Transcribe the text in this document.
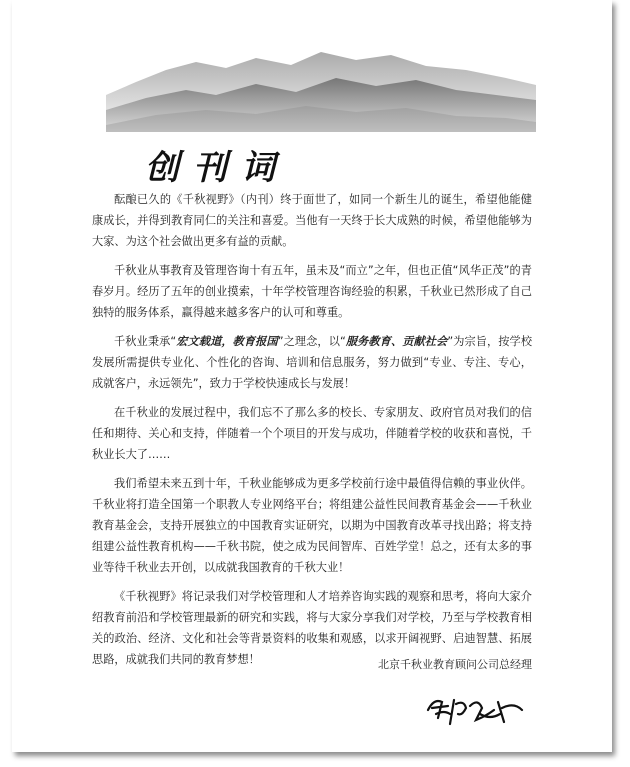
创刊词

酝酿已久的《千秋视野》（内刊）终于面世了，如同一个新生儿的诞生，希望他能健康成长，并得到教育同仁的关注和喜爱。当他有一天终于长大成熟的时候，希望他能够为大家、为这个社会做出更多有益的贡献。

千秋业从事教育及管理咨询十有五年，虽未及“而立”之年，但也正值“风华正茂”的青春岁月。经历了五年的创业摸索，十年学校管理咨询经验的积累，千秋业已然形成了自己独特的服务体系，赢得越来越多客户的认可和尊重。

千秋业秉承“宏文载道，教育报国”之理念，以“服务教育、贡献社会”为宗旨，按学校发展所需提供专业化、个性化的咨询、培训和信息服务，努力做到“专业、专注、专心，成就客户，永远领先”，致力于学校快速成长与发展！

在千秋业的发展过程中，我们忘不了那么多的校长、专家朋友、政府官员对我们的信任和期待、关心和支持，伴随着一个个项目的开发与成功，伴随着学校的收获和喜悦，千秋业长大了……

我们希望未来五到十年，千秋业能够成为更多学校前行途中最值得信赖的事业伙伴。千秋业将打造全国第一个职教人专业网络平台；将组建公益性民间教育基金会——千秋业教育基金会，支持开展独立的中国教育实证研究，以期为中国教育改革寻找出路；将支持组建公益性教育机构——千秋书院，使之成为民间智库、百姓学堂！总之，还有太多的事业等待千秋业去开创，以成就我国教育的千秋大业！

《千秋视野》将记录我们对学校管理和人才培养咨询实践的观察和思考，将向大家介绍教育前沿和学校管理最新的研究和实践，将与大家分享我们对学校，乃至与学校教育相关的政治、经济、文化和社会等背景资料的收集和观感，以求开阔视野、启迪智慧、拓展思路，成就我们共同的教育梦想！	北京千秋业教育顾问公司总经理
